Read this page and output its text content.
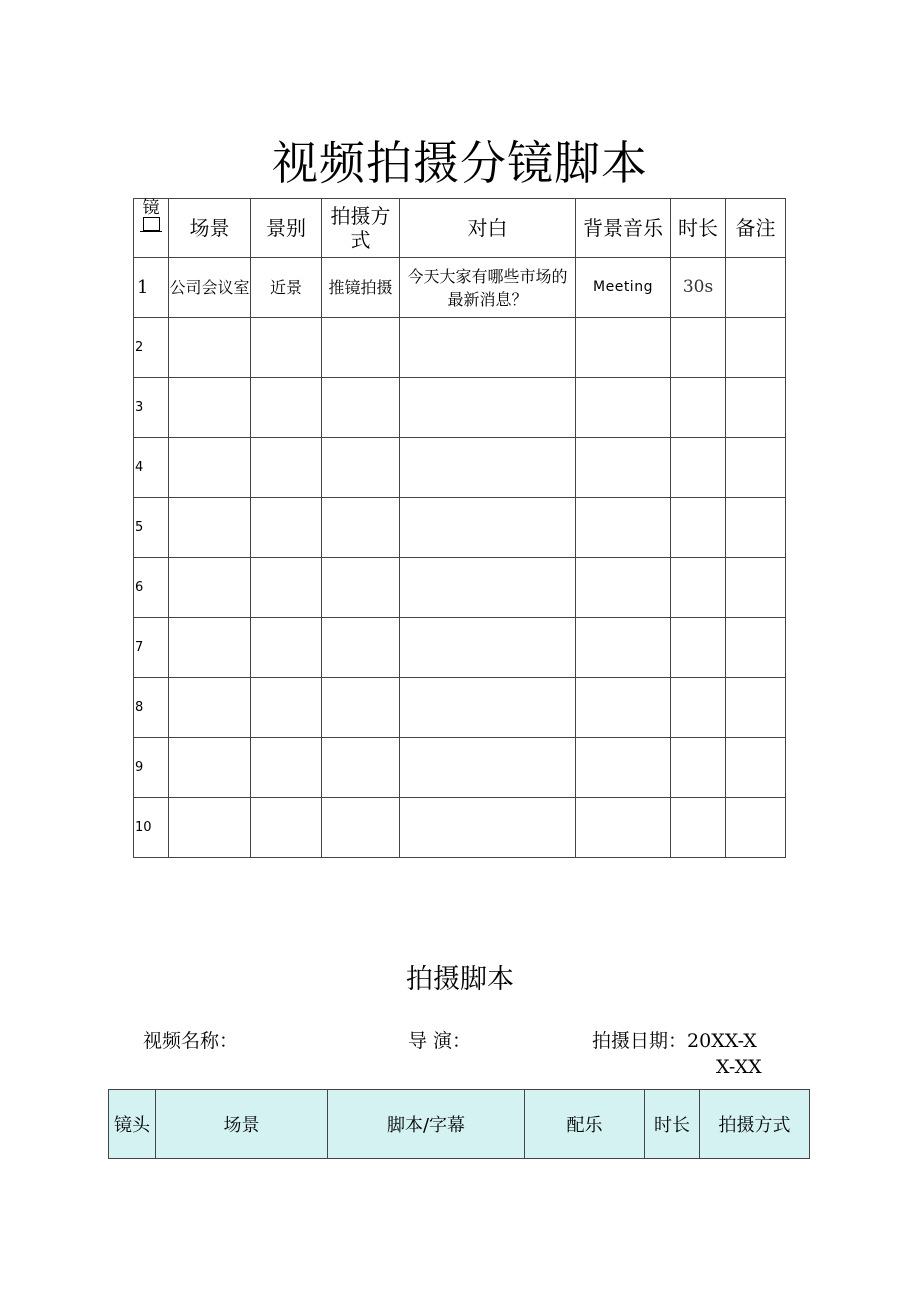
视频拍摄分镜脚本
镜	场景	景别	拍摄方式	对白	背景音乐	时长	备注
1	公司会议室	近景	推镜拍摄	今天大家有哪些市场的最新消息？	Meeting	30s	
2							
3							
4							
5							
6							
7							
8							
9							
10							
拍摄脚本
视频名称：	导 演：	拍摄日期：20XX-X
X-XX
镜头	场景	脚本/字幕	配乐	时长	拍摄方式
